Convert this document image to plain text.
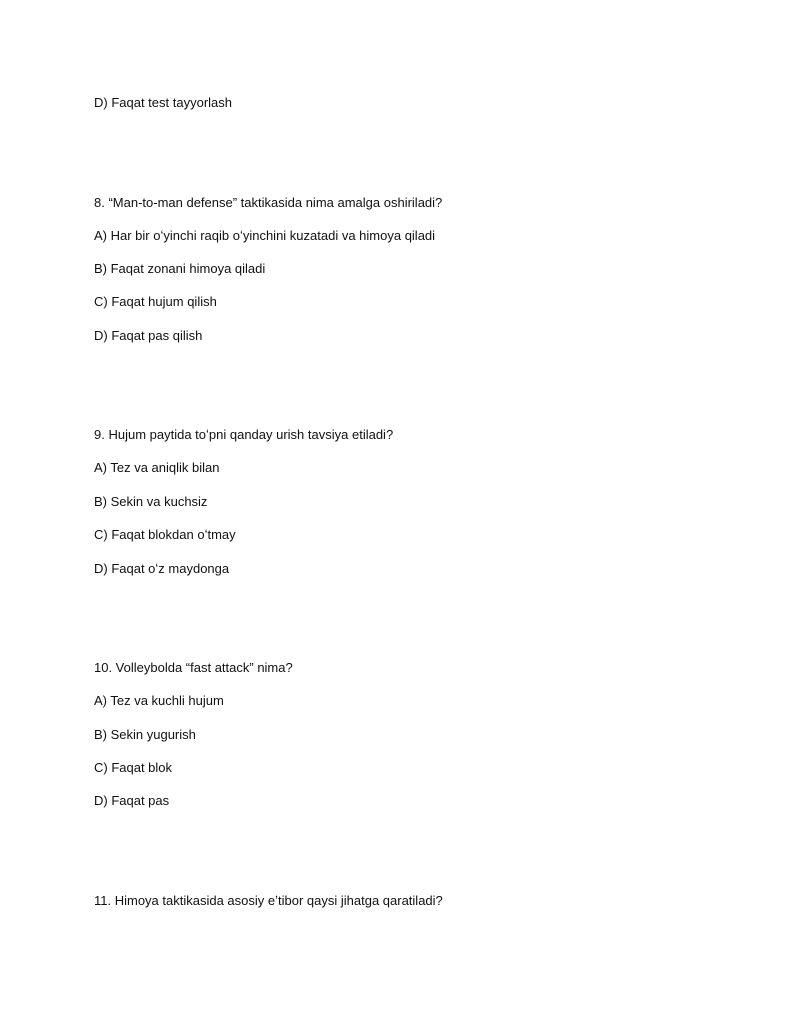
D) Faqat test tayyorlash
8. “Man-to-man defense” taktikasida nima amalga oshiriladi?
A) Har bir oʻyinchi raqib oʻyinchini kuzatadi va himoya qiladi
B) Faqat zonani himoya qiladi
C) Faqat hujum qilish
D) Faqat pas qilish
9. Hujum paytida toʻpni qanday urish tavsiya etiladi?
A) Tez va aniqlik bilan
B) Sekin va kuchsiz
C) Faqat blokdan oʻtmay
D) Faqat oʻz maydonga
10. Volleybolda “fast attack” nima?
A) Tez va kuchli hujum
B) Sekin yugurish
C) Faqat blok
D) Faqat pas
11. Himoya taktikasida asosiy eʼtibor qaysi jihatga qaratiladi?
